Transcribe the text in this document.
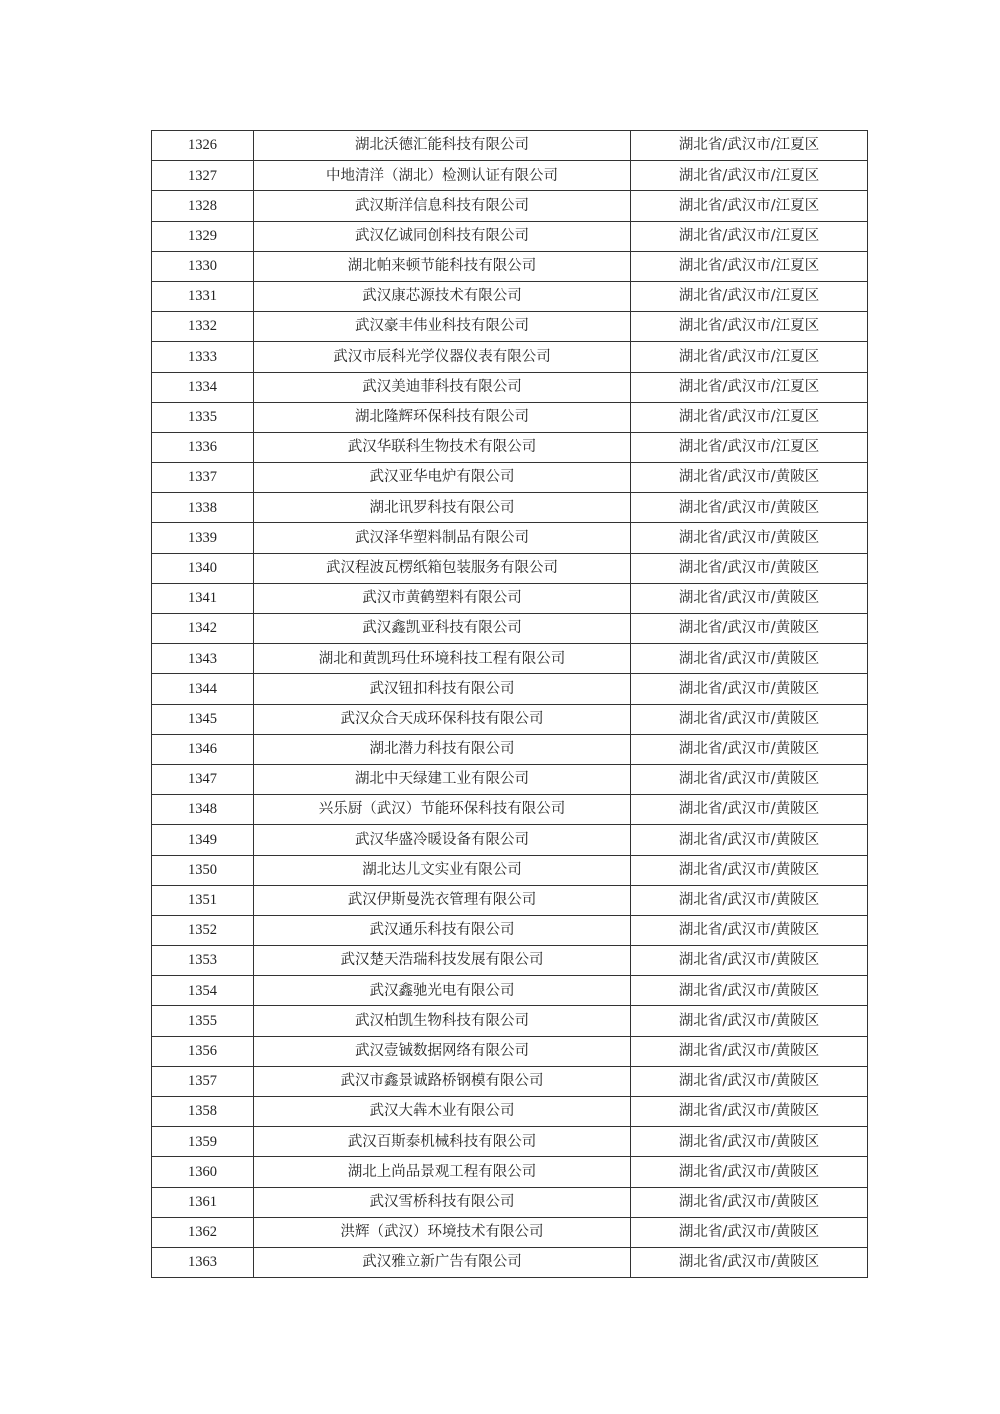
1326	湖北沃德汇能科技有限公司	湖北省/武汉市/江夏区
1327	中地清洋（湖北）检测认证有限公司	湖北省/武汉市/江夏区
1328	武汉斯洋信息科技有限公司	湖北省/武汉市/江夏区
1329	武汉亿诚同创科技有限公司	湖北省/武汉市/江夏区
1330	湖北帕来顿节能科技有限公司	湖北省/武汉市/江夏区
1331	武汉康芯源技术有限公司	湖北省/武汉市/江夏区
1332	武汉豪丰伟业科技有限公司	湖北省/武汉市/江夏区
1333	武汉市辰科光学仪器仪表有限公司	湖北省/武汉市/江夏区
1334	武汉美迪菲科技有限公司	湖北省/武汉市/江夏区
1335	湖北隆辉环保科技有限公司	湖北省/武汉市/江夏区
1336	武汉华联科生物技术有限公司	湖北省/武汉市/江夏区
1337	武汉亚华电炉有限公司	湖北省/武汉市/黄陂区
1338	湖北讯罗科技有限公司	湖北省/武汉市/黄陂区
1339	武汉泽华塑料制品有限公司	湖北省/武汉市/黄陂区
1340	武汉程波瓦楞纸箱包装服务有限公司	湖北省/武汉市/黄陂区
1341	武汉市黄鹤塑料有限公司	湖北省/武汉市/黄陂区
1342	武汉鑫凯亚科技有限公司	湖北省/武汉市/黄陂区
1343	湖北和黄凯玛仕环境科技工程有限公司	湖北省/武汉市/黄陂区
1344	武汉钮扣科技有限公司	湖北省/武汉市/黄陂区
1345	武汉众合天成环保科技有限公司	湖北省/武汉市/黄陂区
1346	湖北潜力科技有限公司	湖北省/武汉市/黄陂区
1347	湖北中天绿建工业有限公司	湖北省/武汉市/黄陂区
1348	兴乐厨（武汉）节能环保科技有限公司	湖北省/武汉市/黄陂区
1349	武汉华盛冷暖设备有限公司	湖北省/武汉市/黄陂区
1350	湖北达儿文实业有限公司	湖北省/武汉市/黄陂区
1351	武汉伊斯曼洗衣管理有限公司	湖北省/武汉市/黄陂区
1352	武汉通乐科技有限公司	湖北省/武汉市/黄陂区
1353	武汉楚天浩瑞科技发展有限公司	湖北省/武汉市/黄陂区
1354	武汉鑫驰光电有限公司	湖北省/武汉市/黄陂区
1355	武汉柏凯生物科技有限公司	湖北省/武汉市/黄陂区
1356	武汉壹铖数据网络有限公司	湖北省/武汉市/黄陂区
1357	武汉市鑫景诚路桥钢模有限公司	湖北省/武汉市/黄陂区
1358	武汉大犇木业有限公司	湖北省/武汉市/黄陂区
1359	武汉百斯泰机械科技有限公司	湖北省/武汉市/黄陂区
1360	湖北上尚品景观工程有限公司	湖北省/武汉市/黄陂区
1361	武汉雪桥科技有限公司	湖北省/武汉市/黄陂区
1362	洪辉（武汉）环境技术有限公司	湖北省/武汉市/黄陂区
1363	武汉雅立新广告有限公司	湖北省/武汉市/黄陂区
